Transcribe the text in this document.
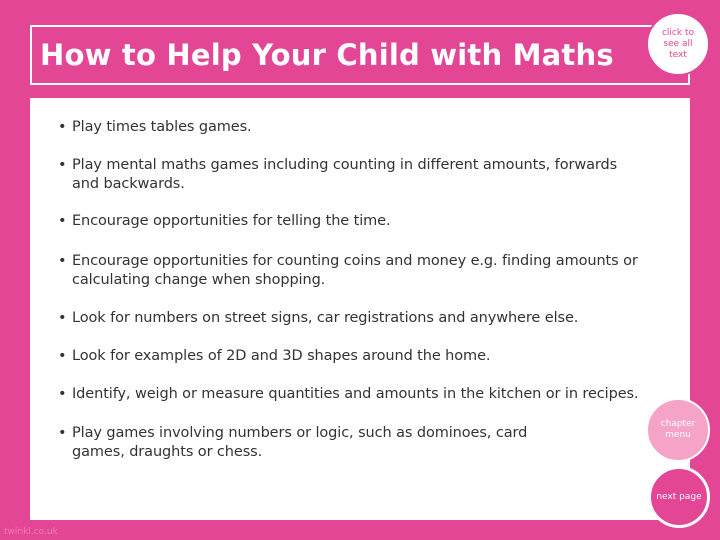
How to Help Your Child with Maths
click to see all text
• Play times tables games.
• Play mental maths games including counting in different amounts, forwards and backwards.
• Encourage opportunities for telling the time.
• Encourage opportunities for counting coins and money e.g. finding amounts or calculating change when shopping.
• Look for numbers on street signs, car registrations and anywhere else.
• Look for examples of 2D and 3D shapes around the home.
• Identify, weigh or measure quantities and amounts in the kitchen or in recipes.
• Play games involving numbers or logic, such as dominoes, card games, draughts or chess.
chapter menu
next page
twinkl.co.uk
